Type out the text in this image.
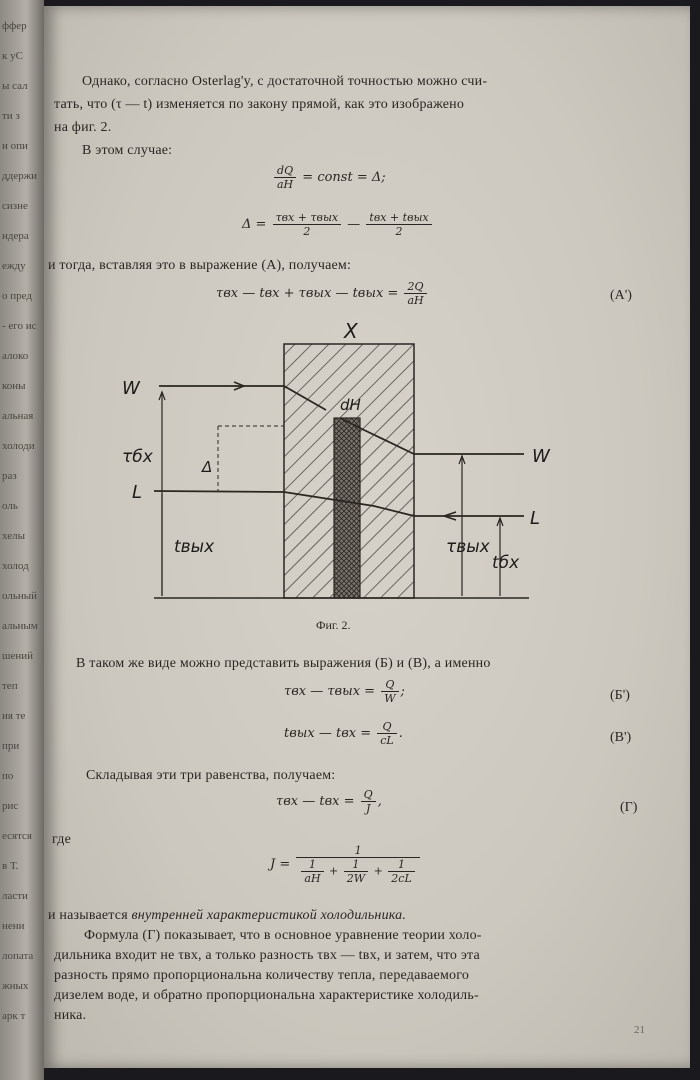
ффер
к уС
ы сал
ти з
и опи
ддержи
сизне
ндера
ежду
о пред
- его ис
алоко
коны
альная
холоди
раз
оль
хелы
холод
ольный
альным
шений
теп
ия те
при
по
рис
есятся
в Т.
ласти
нени
лопата
жных
арк т
Однако, согласно Osterlag'y, с достаточной точностью можно счи-
тать, что (τ — t) изменяется по закону прямой, как это изображено
на фиг. 2.
В этом случае:
$\frac{dQ}{aH}$ = const = Δ;
$\Delta = \frac{\text{τвх + τвых}}{2}$ — $\frac{\text{tвх + tвых}}{2}$
и тогда, вставляя это в выражение (A), получаем:
τвх — tвх + τвых — tвых = $\frac{2Q}{aH}$	(A')
X
W
W
L
L
dH
τбх	Δ
tвых	τвых
tбх
Фиг. 2.
В таком же виде можно представить выражения (Б) и (В), а именно
τвх — $\tau вых = \frac{Q}{W}$ ;	(Б')
tвых — tвх = $\frac{Q}{cL}$ .	(В')
Складывая эти три равенства, получаем:
τвх — tвх = $\frac{Q}{J}$ ,	(Г)
где
$J = \frac{1}{\frac{1}{aH} + \frac{1}{2W} + \frac{1}{2cL}}$
и называется внутренней характеристикой холодильника.
Формула (Г) показывает, что в основное уравнение теории холо-
дильника входит не τвх, а только разность τвх — tвх, и затем, что эта
разность прямо пропорциональна количеству тепла, передаваемого
дизелем воде, и обратно пропорциональна характеристике холодиль-
ника.
21
